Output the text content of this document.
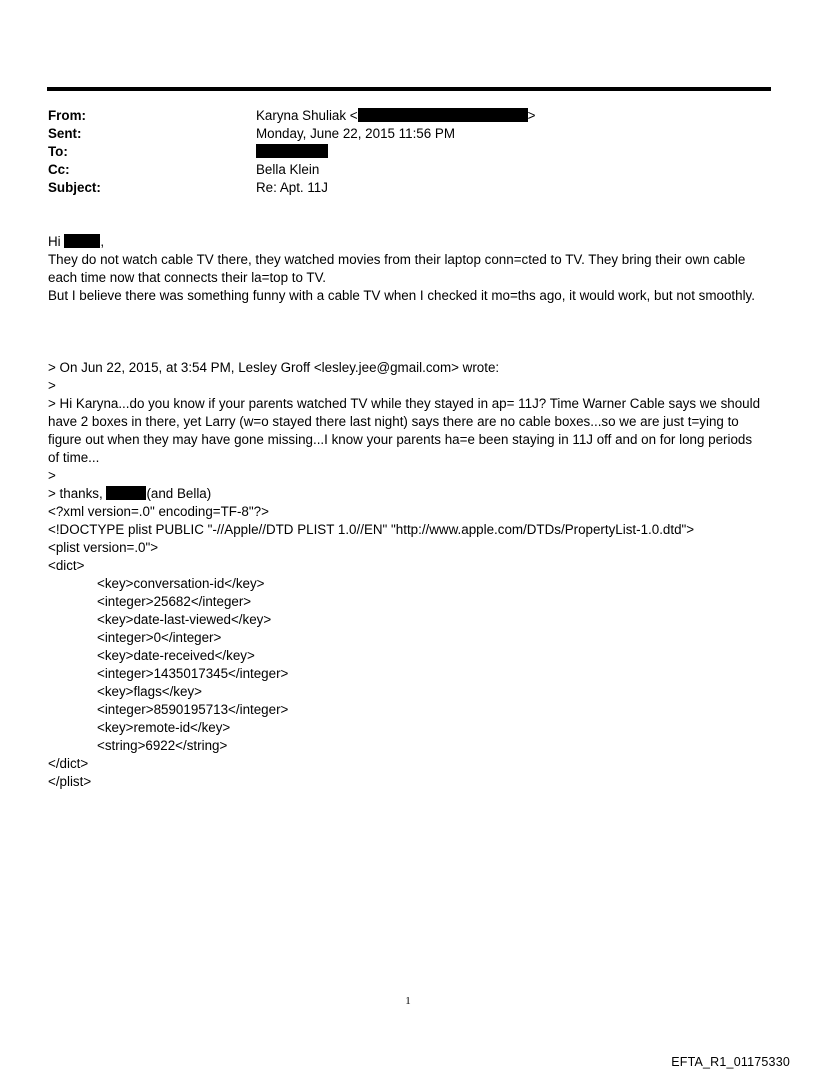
From:	Karyna Shuliak <	>
Sent:	Monday, June 22, 2015 11:56 PM
To:
Cc:	Bella Klein
Subject:	Re: Apt. 11J
Hi	,
They do not watch cable TV there, they watched movies from their laptop conn=cted to TV. They bring their own cable
each time now that connects their la=top to TV.
But I believe there was something funny with a cable TV when I checked it mo=ths ago, it would work, but not smoothly.
> On Jun 22, 2015, at 3:54 PM, Lesley Groff <lesley.jee@gmail.com> wrote:
>
> Hi Karyna...do you know if your parents watched TV while they stayed in ap= 11J? Time Warner Cable says we should
have 2 boxes in there, yet Larry (w=o stayed there last night) says there are no cable boxes...so we are just t=ying to
figure out when they may have gone missing...I know your parents ha=e been staying in 11J off and on for long periods
of time...
>
> thanks,	(and Bella)
<?xml version=.0" encoding=TF-8"?>
<!DOCTYPE plist PUBLIC "-//Apple//DTD PLIST 1.0//EN" "http://www.apple.com/DTDs/PropertyList-1.0.dtd">
<plist version=.0">
<dict>
<key>conversation-id</key>
<integer>25682</integer>
<key>date-last-viewed</key>
<integer>0</integer>
<key>date-received</key>
<integer>1435017345</integer>
<key>flags</key>
<integer>8590195713</integer>
<key>remote-id</key>
<string>6922</string>
</dict>
</plist>
1
EFTA_R1_01175330
